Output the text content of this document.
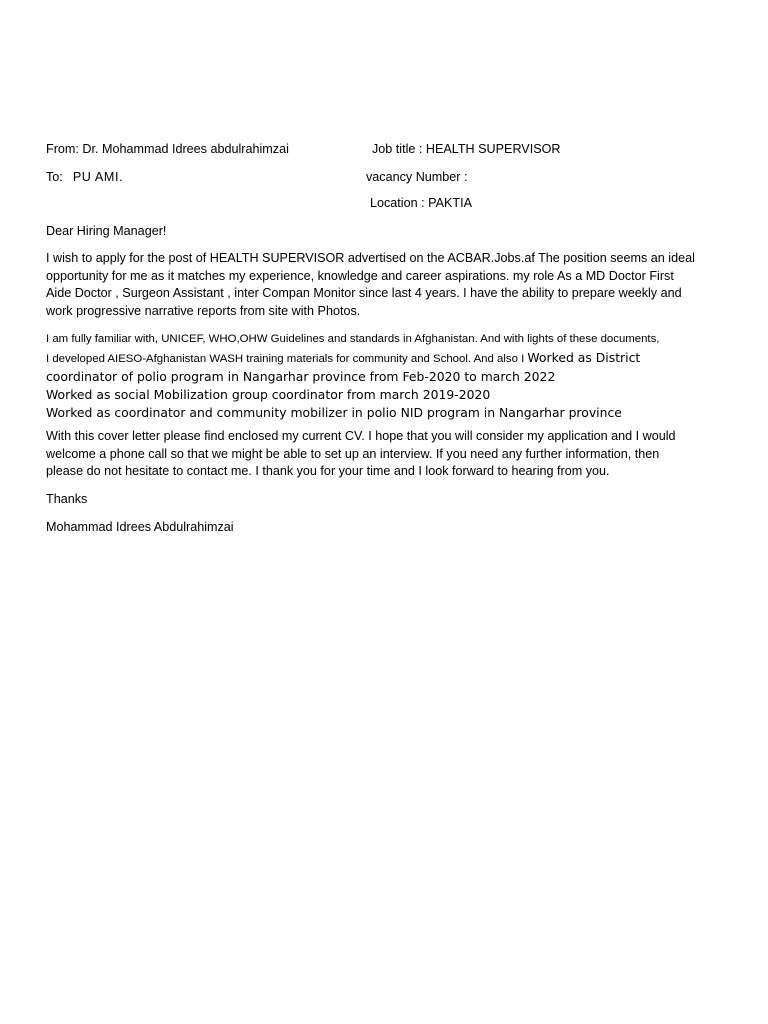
From: Dr. Mohammad Idrees abdulrahimzai	Job title : HEALTH SUPERVISOR
To: PU AMI.	vacancy Number :
Location : PAKTIA
Dear Hiring Manager!
I wish to apply for the post of HEALTH SUPERVISOR advertised on the ACBAR.Jobs.af The position seems an ideal
opportunity for me as it matches my experience, knowledge and career aspirations. my role As a MD Doctor First
Aide Doctor , Surgeon Assistant , inter Compan Monitor since last 4 years. I have the ability to prepare weekly and
work progressive narrative reports from site with Photos.
I am fully familiar with, UNICEF, WHO,OHW Guidelines and standards in Afghanistan. And with lights of these documents,
I developed AIESO-Afghanistan WASH training materials for community and School. And also I Worked as District
coordinator of polio program in Nangarhar province from Feb-2020 to march 2022
Worked as social Mobilization group coordinator from march 2019-2020
Worked as coordinator and community mobilizer in polio NID program in Nangarhar province
With this cover letter please find enclosed my current CV. I hope that you will consider my application and I would
welcome a phone call so that we might be able to set up an interview. If you need any further information, then
please do not hesitate to contact me. I thank you for your time and I look forward to hearing from you.
Thanks
Mohammad Idrees Abdulrahimzai
